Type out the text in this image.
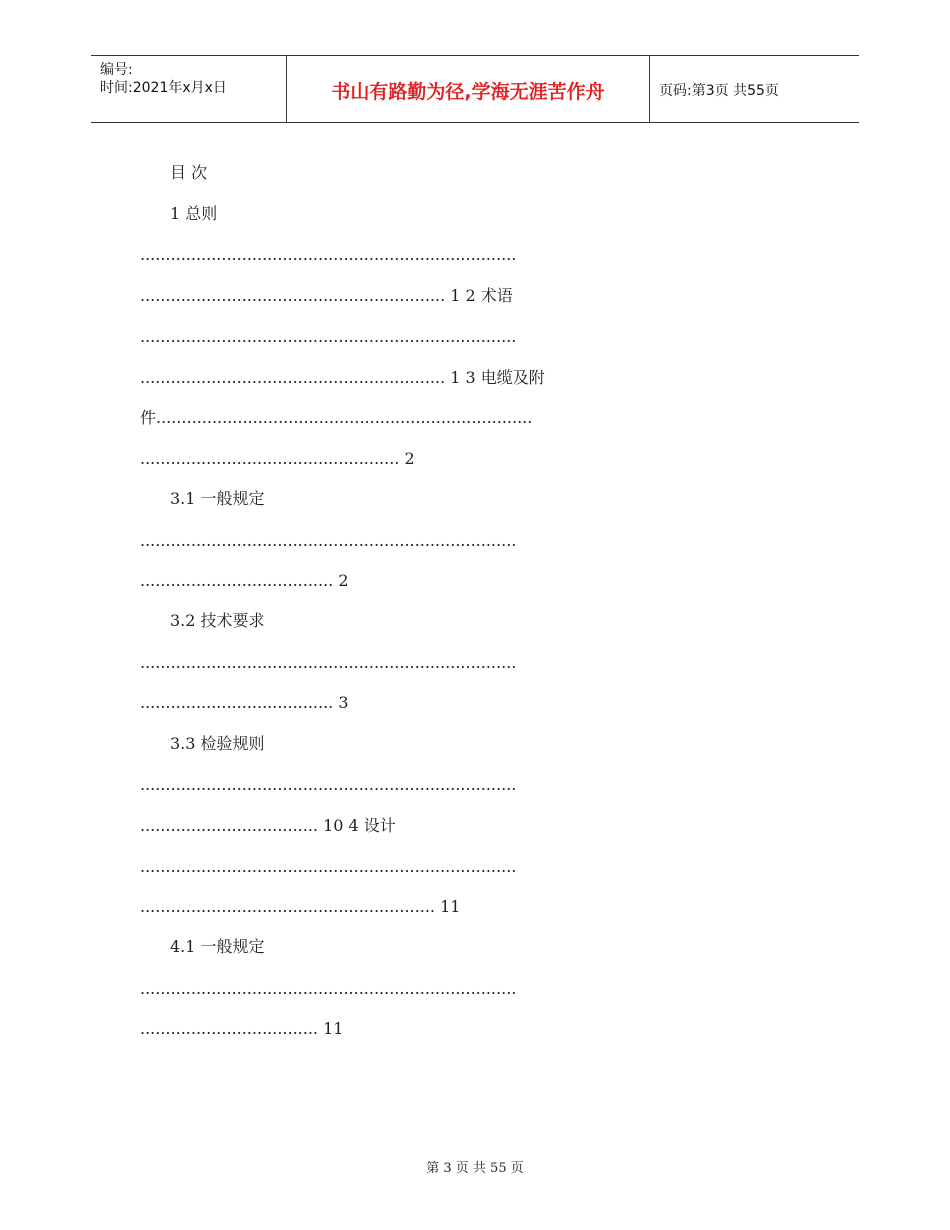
编号:
时间:2021年x月x日	书山有路勤为径,学海无涯苦作舟	页码:第3页 共55页
目 次
1 总则
..........................................................................
............................................................ 1 2 术语
..........................................................................
............................................................ 1 3 电缆及附
件..........................................................................
................................................... 2
3.1 一般规定
..........................................................................
...................................... 2
3.2 技术要求
..........................................................................
...................................... 3
3.3 检验规则
..........................................................................
................................... 10 4 设计
..........................................................................
.......................................................... 11
4.1 一般规定
..........................................................................
................................... 11
第 3 页 共 55 页
